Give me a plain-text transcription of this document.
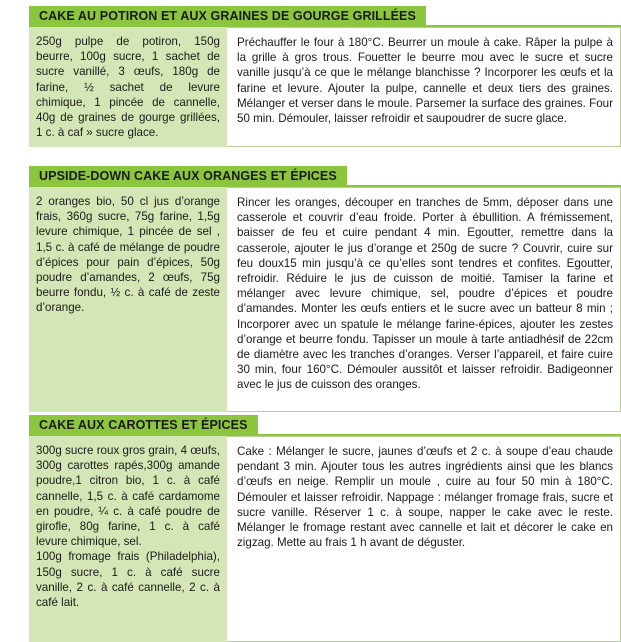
CAKE AU POTIRON ET AUX GRAINES DE GOURGE GRILLÉES
250g pulpe de potiron, 150g beurre, 100g sucre, 1 sachet de sucre vanillé, 3 œufs, 180g de farine, ½ sachet de levure chimique, 1 pincée de cannelle, 40g de graines de gourge grillées, 1 c. à caf » sucre glace.
Préchauffer le four à 180°C. Beurrer un moule à cake. Râper la pulpe à la grille à gros trous. Fouetter le beurre mou avec le sucre et sucre vanille jusqu’à ce que le mélange blanchisse ? Incorporer les œufs et la farine et levure. Ajouter la pulpe, cannelle et deux tiers des graines. Mélanger et verser dans le moule. Parsemer la surface des graines. Four 50 min. Démouler, laisser refroidir et saupoudrer de sucre glace.
UPSIDE-DOWN CAKE AUX ORANGES ET ÉPICES
2 oranges bio, 50 cl jus d’orange frais, 360g sucre, 75g farine, 1,5g levure chimique, 1 pincée de sel , 1,5 c. à café de mélange de poudre d’épices pour pain d’épices, 50g poudre d’amandes, 2 œufs, 75g beurre fondu, ½ c. à café de zeste d’orange.
Rincer les oranges, découper en tranches de 5mm, déposer dans une casserole et couvrir d’eau froide. Porter à ébullition. A frémissement, baisser de feu et cuire pendant 4 min. Egoutter, remettre dans la casserole, ajouter le jus d’orange et 250g de sucre ? Couvrir, cuire sur feu doux15 min jusqu’à ce qu’elles sont tendres et confites. Egoutter, refroidir. Réduire le jus de cuisson de moitié. Tamiser la farine et mélanger avec levure chimique, sel, poudre d’épices et poudre d’amandes. Monter les œufs entiers et le sucre avec un batteur 8 min ; Incorporer avec un spatule le mélange farine-épices, ajouter les zestes d’orange et beurre fondu. Tapisser un moule à tarte antiadhésif de 22cm de diamètre avec les tranches d’oranges. Verser l’appareil, et faire cuire 30 min, four 160°C. Démouler aussitôt et laisser refroidir. Badigeonner avec le jus de cuisson des oranges.
CAKE AUX CAROTTES ET ÉPICES
300g sucre roux gros grain, 4 œufs, 300g carottes rapés,300g amande poudre,1 citron bio, 1 c. à café cannelle, 1,5 c. à café cardamome en poudre, ¼ c. à café poudre de girofle, 80g farine, 1 c. à café levure chimique, sel.
100g fromage frais (Philadelphia), 150g sucre, 1 c. à café sucre vanille, 2 c. à café cannelle, 2 c. à café lait.
Cake : Mélanger le sucre, jaunes d’œufs et 2 c. à soupe d’eau chaude pendant 3 min. Ajouter tous les autres ingrédients ainsi que les blancs d’œufs en neige. Remplir un moule , cuire au four 50 min à 180°C. Démouler et laisser refroidir. Nappage : mélanger fromage frais, sucre et sucre vanille. Réserver 1 c. à soupe, napper le cake avec le reste. Mélanger le fromage restant avec cannelle et lait et décorer le cake en zigzag. Mette au frais 1 h avant de déguster.
